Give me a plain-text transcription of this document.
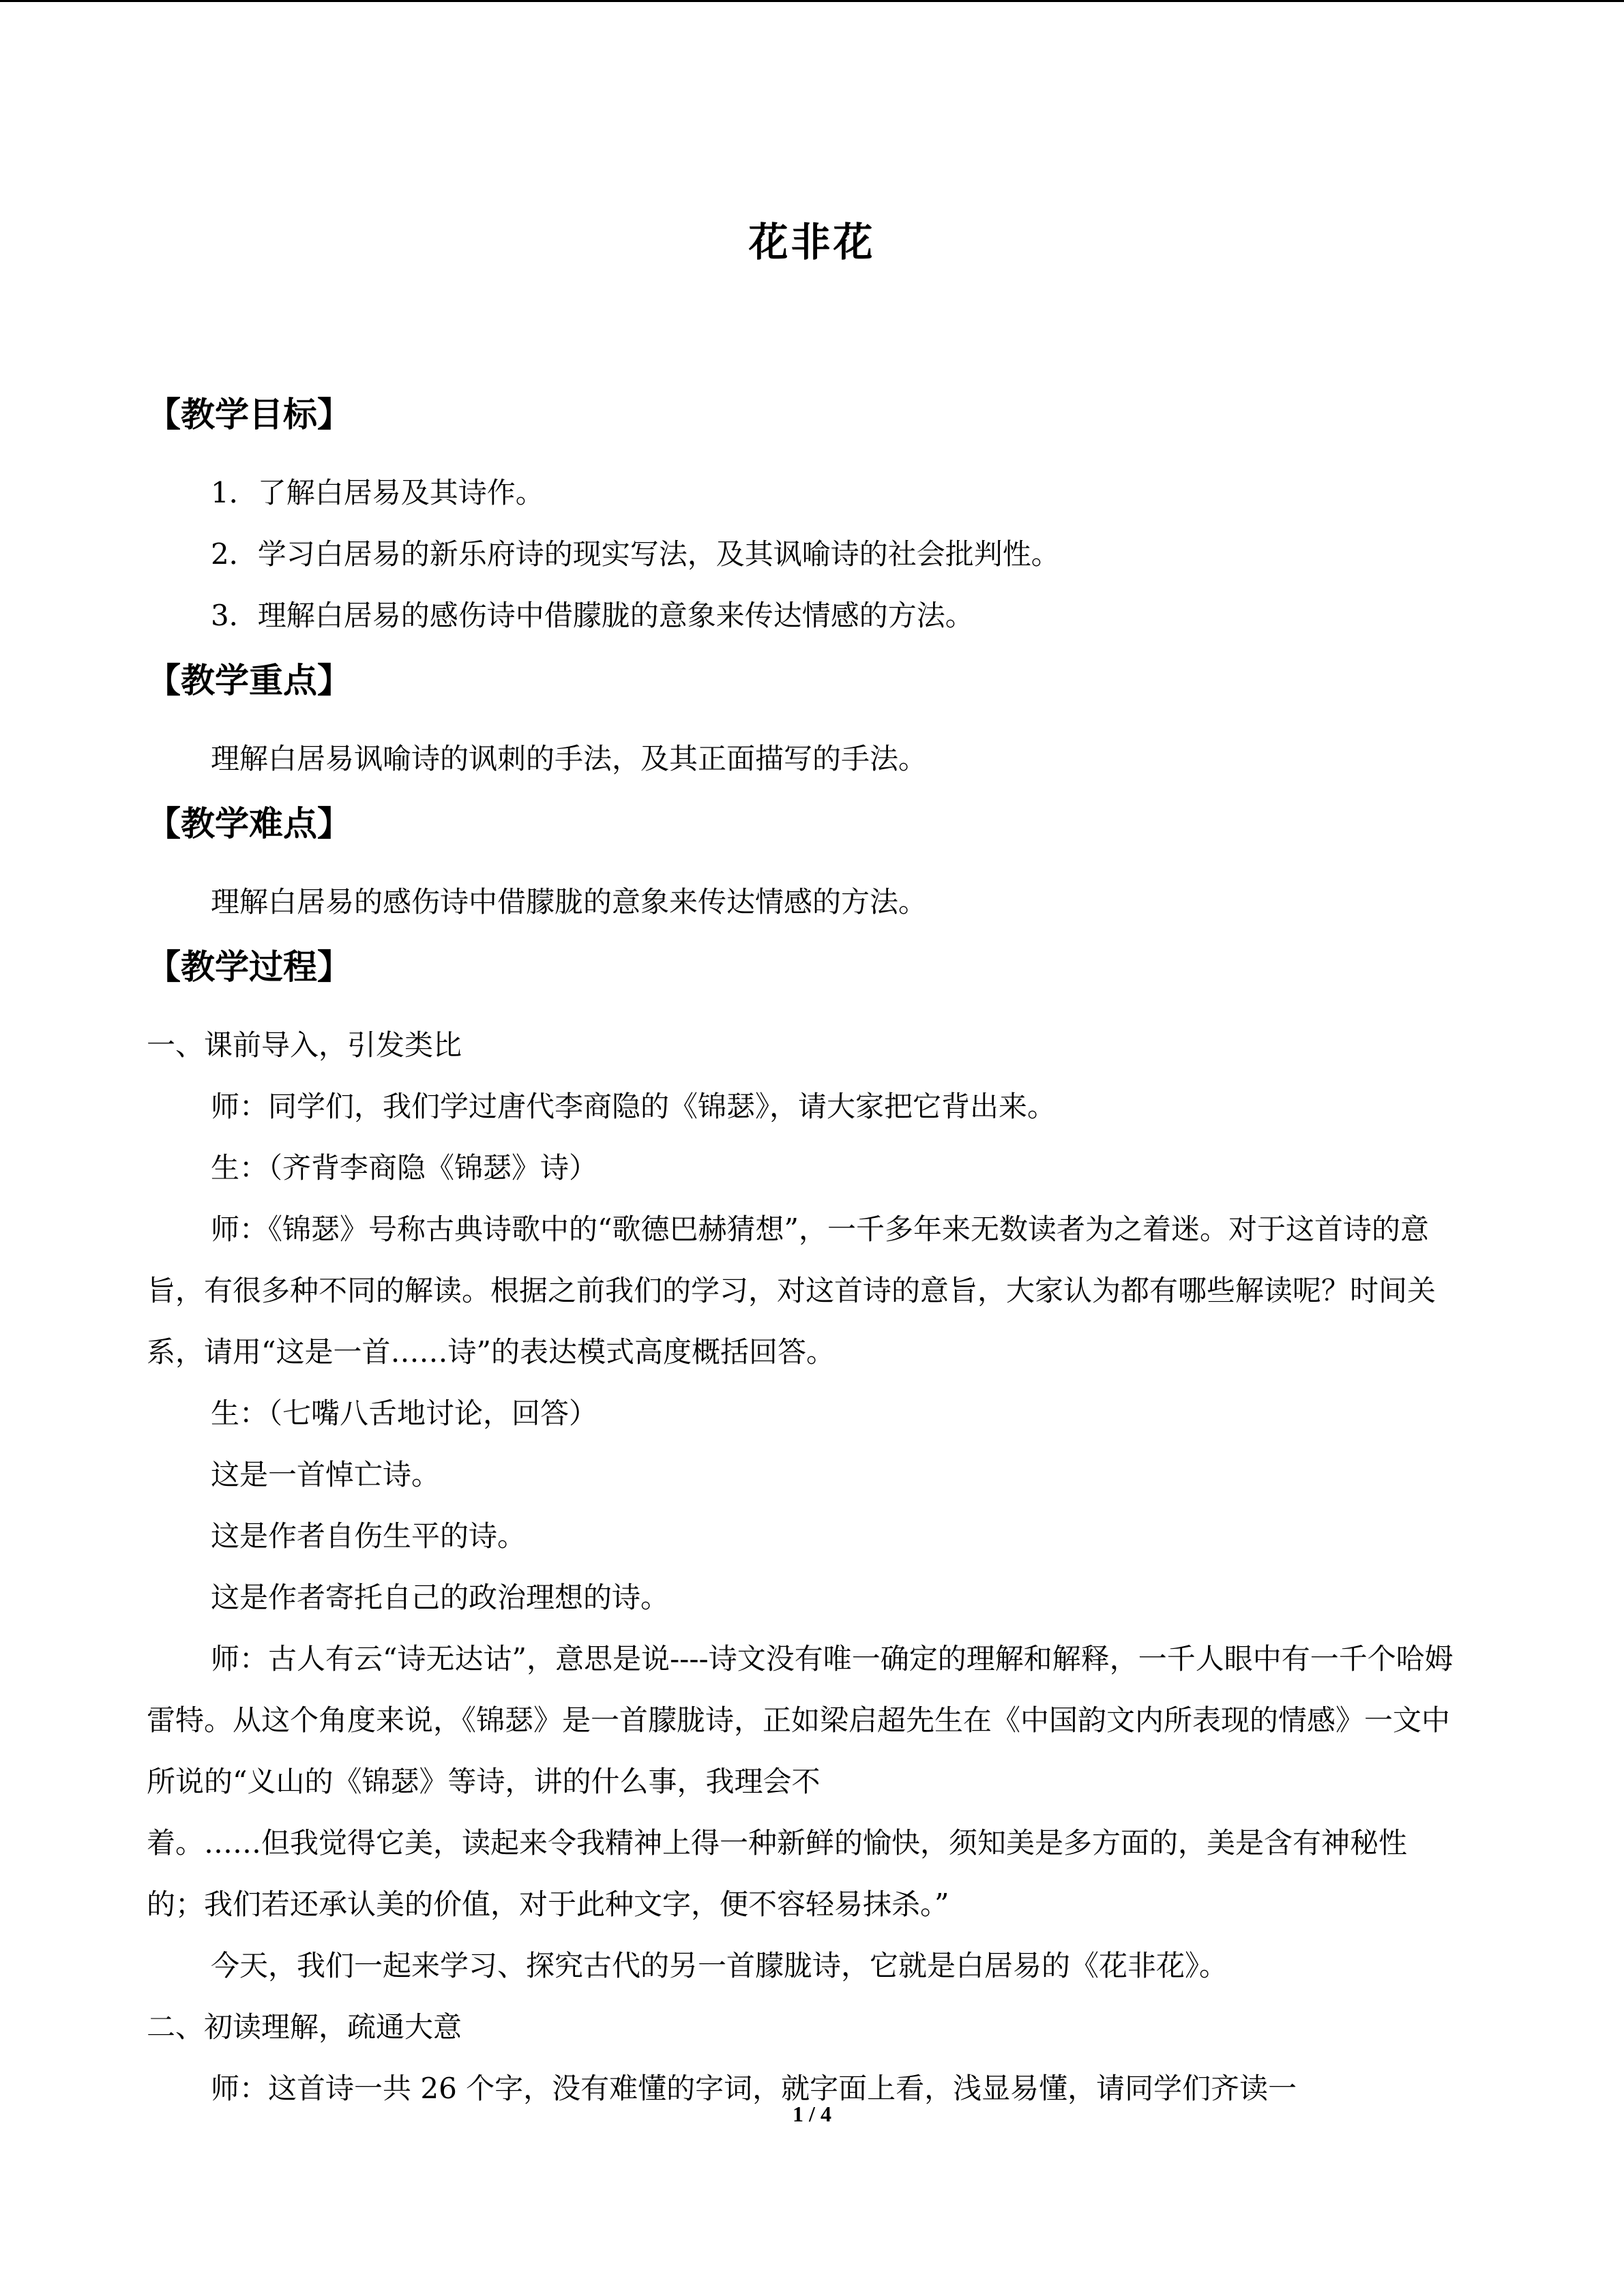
花非花
【教学目标】

1．了解白居易及其诗作。

2．学习白居易的新乐府诗的现实写法，及其讽喻诗的社会批判性。

3．理解白居易的感伤诗中借朦胧的意象来传达情感的方法。

【教学重点】

理解白居易讽喻诗的讽刺的手法，及其正面描写的手法。

【教学难点】

理解白居易的感伤诗中借朦胧的意象来传达情感的方法。

【教学过程】

一、课前导入，引发类比

师：同学们，我们学过唐代李商隐的《锦瑟》，请大家把它背出来。

生：（齐背李商隐《锦瑟》诗）

师：《锦瑟》号称古典诗歌中的“歌德巴赫猜想”，一千多年来无数读者为之着迷。对于这首诗的意旨，有很多种不同的解读。根据之前我们的学习，对这首诗的意旨，大家认为都有哪些解读呢？时间关系，请用“这是一首……诗”的表达模式高度概括回答。

生：（七嘴八舌地讨论，回答）

这是一首悼亡诗。

这是作者自伤生平的诗。

这是作者寄托自己的政治理想的诗。

师：古人有云“诗无达诂”，意思是说----诗文没有唯一确定的理解和解释，一千人眼中有一千个哈姆雷特。从这个角度来说，《锦瑟》是一首朦胧诗，正如梁启超先生在《中国韵文内所表现的情感》一文中所说的“义山的《锦瑟》等诗，讲的什么事，我理会不

着。……但我觉得它美，读起来令我精神上得一种新鲜的愉快，须知美是多方面的，美是含有神秘性的；我们若还承认美的价值，对于此种文字，便不容轻易抹杀。”

今天，我们一起来学习、探究古代的另一首朦胧诗，它就是白居易的《花非花》。

二、初读理解，疏通大意

师：这首诗一共 26 个字，没有难懂的字词，就字面上看，浅显易懂，请同学们齐读一

1 / 4
